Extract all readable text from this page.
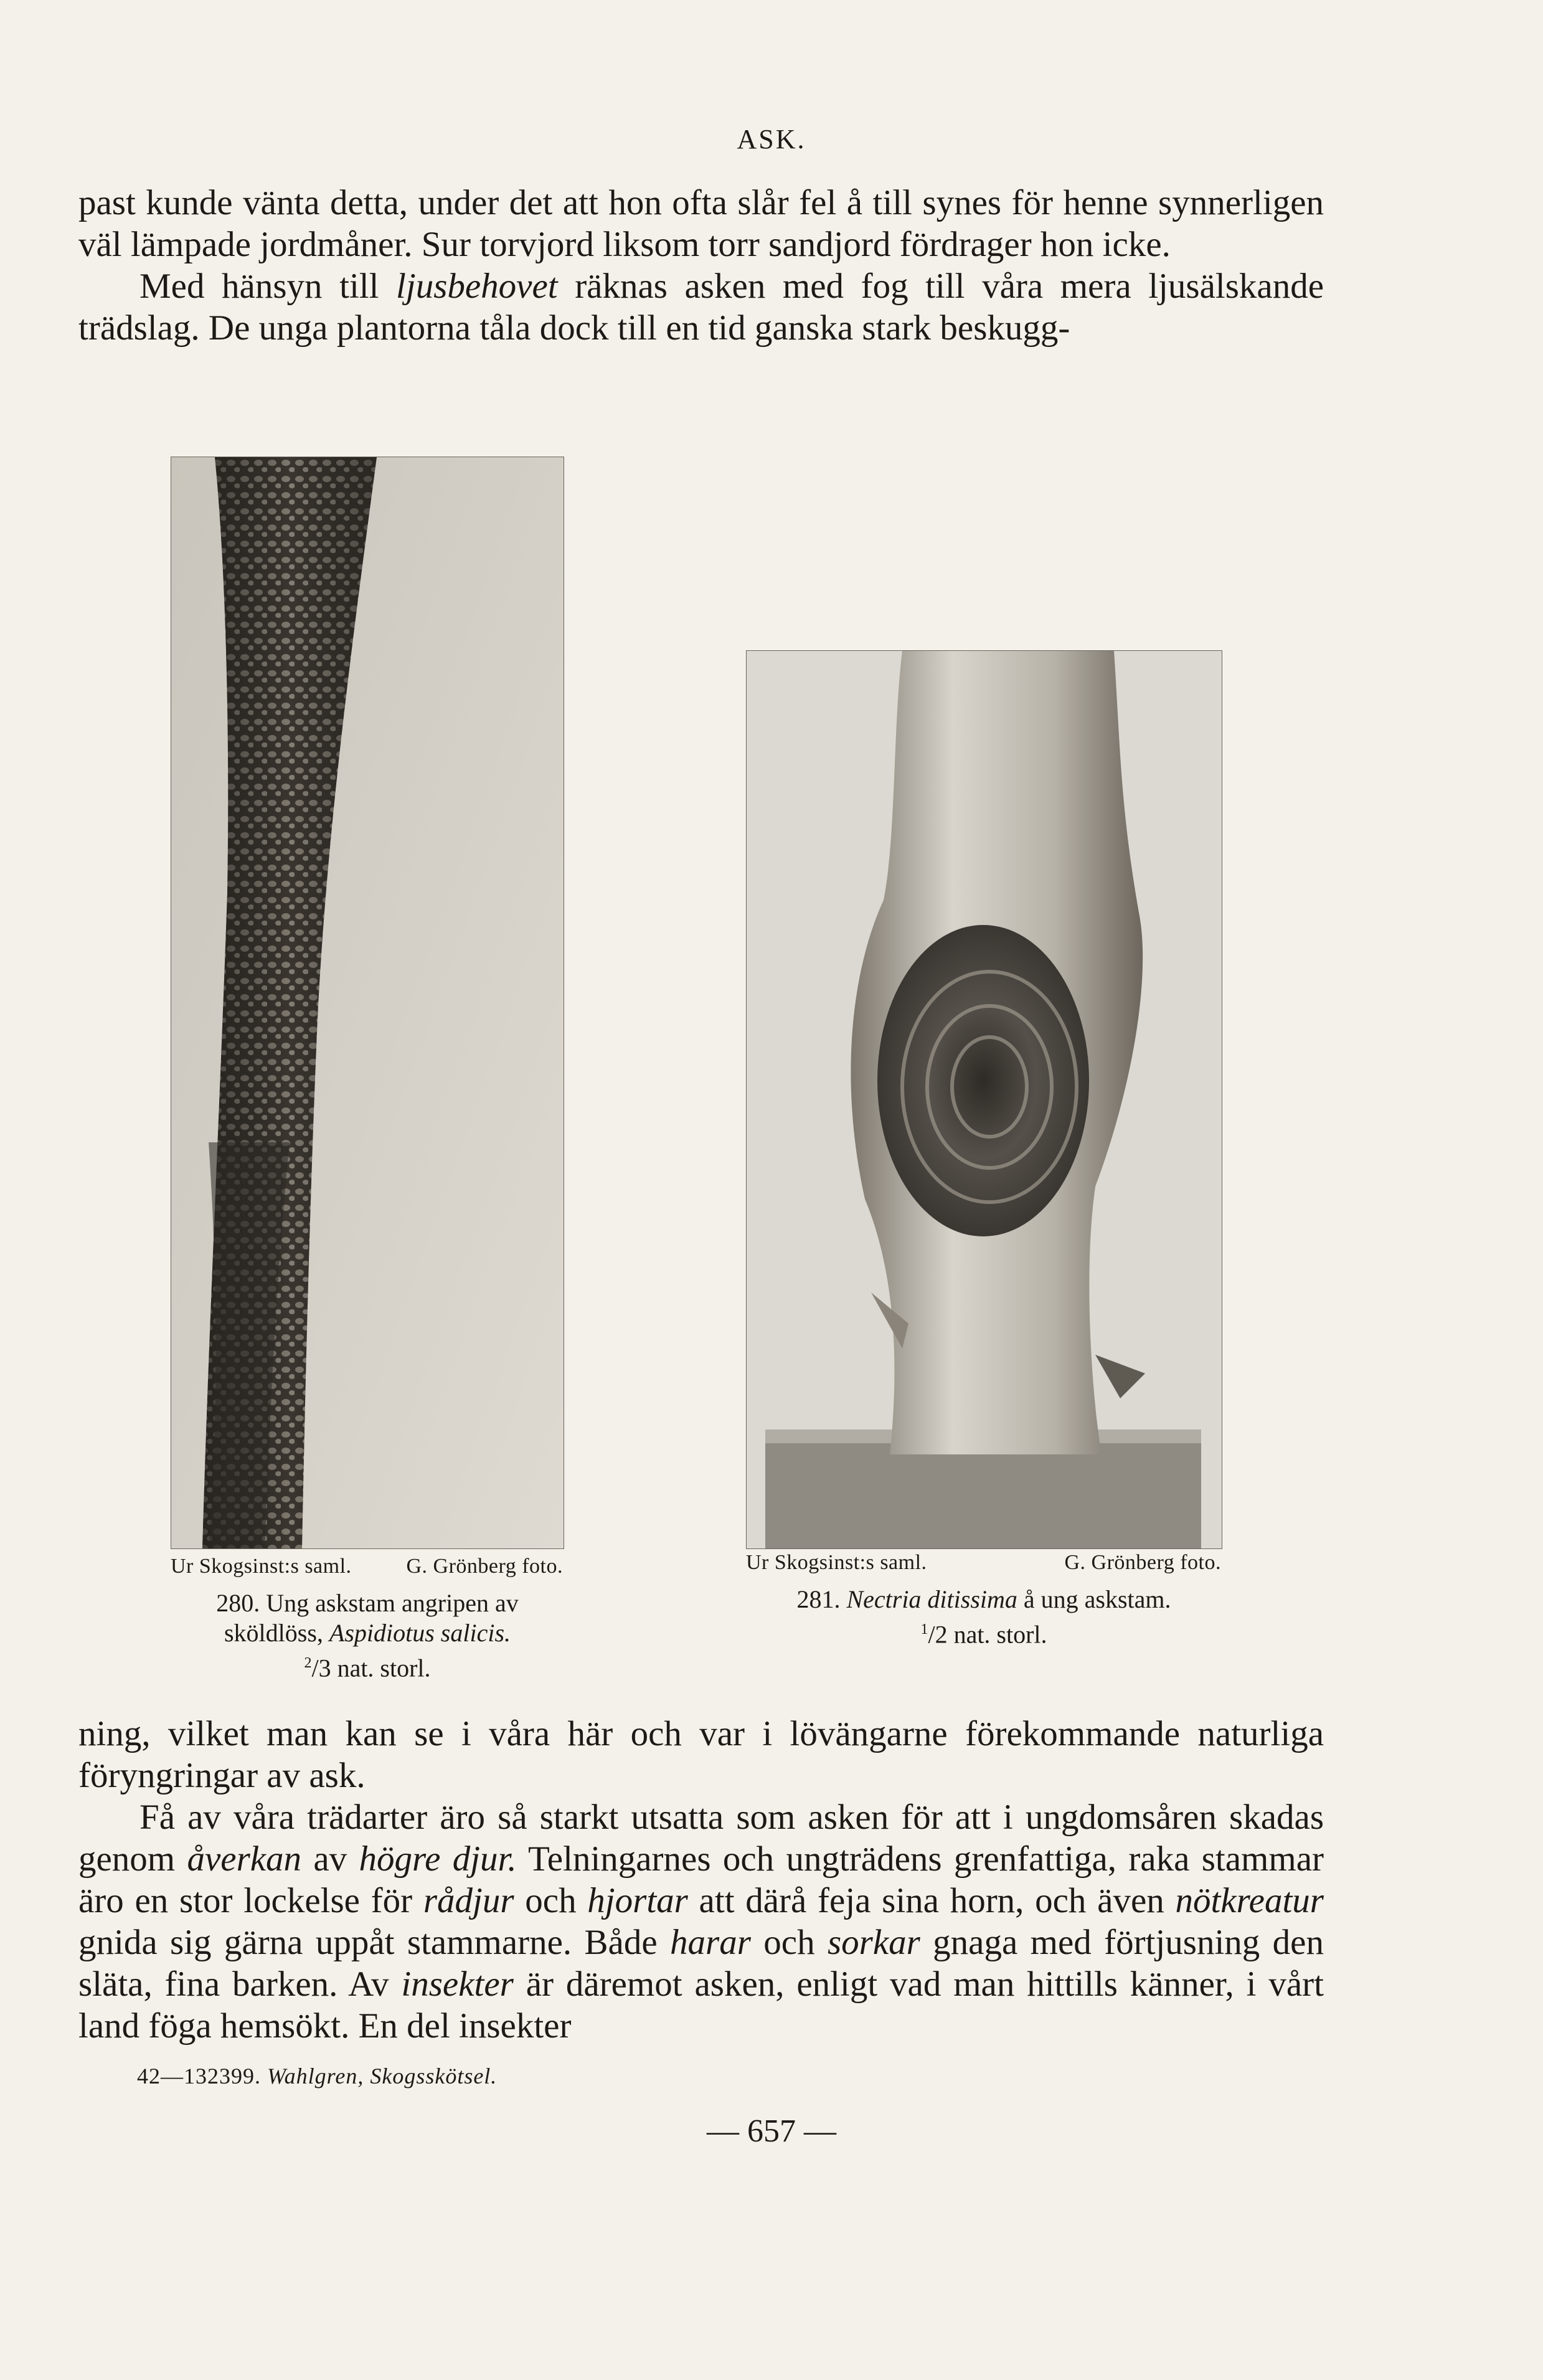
ASK.

past kunde vänta detta, under det att hon ofta slår fel å till synes för henne synnerligen väl lämpade jordmåner. Sur torvjord liksom torr sandjord fördrager hon icke.

Med hänsyn till ljusbehovet räknas asken med fog till våra mera ljusälskande trädslag. De unga plantorna tåla dock till en tid ganska stark beskugg-

Ur Skogsinst:s saml.	G. Grönberg foto.
280. Ung askstam angripen av
sköldlöss, Aspidiotus salicis.
$^2$/3 nat. storl.
Ur Skogsinst:s saml.	G. Grönberg foto.
281. Nectria ditissima å ung askstam.
$^1$/2 nat. storl.

ning, vilket man kan se i våra här och var i lövängarne förekommande naturliga föryngringar av ask.

Få av våra trädarter äro så starkt utsatta som asken för att i ungdomsåren skadas genom åverkan av högre djur. Telningarnes och ungträdens grenfattiga, raka stammar äro en stor lockelse för rådjur och hjortar att därå feja sina horn, och även nötkreatur gnida sig gärna uppåt stammarne. Både harar och sorkar gnaga med förtjusning den släta, fina barken. Av insekter är däremot asken, enligt vad man hittills känner, i vårt land föga hemsökt. En del insekter

42—132399. Wahlgren, Skogsskötsel.
— 657 —
